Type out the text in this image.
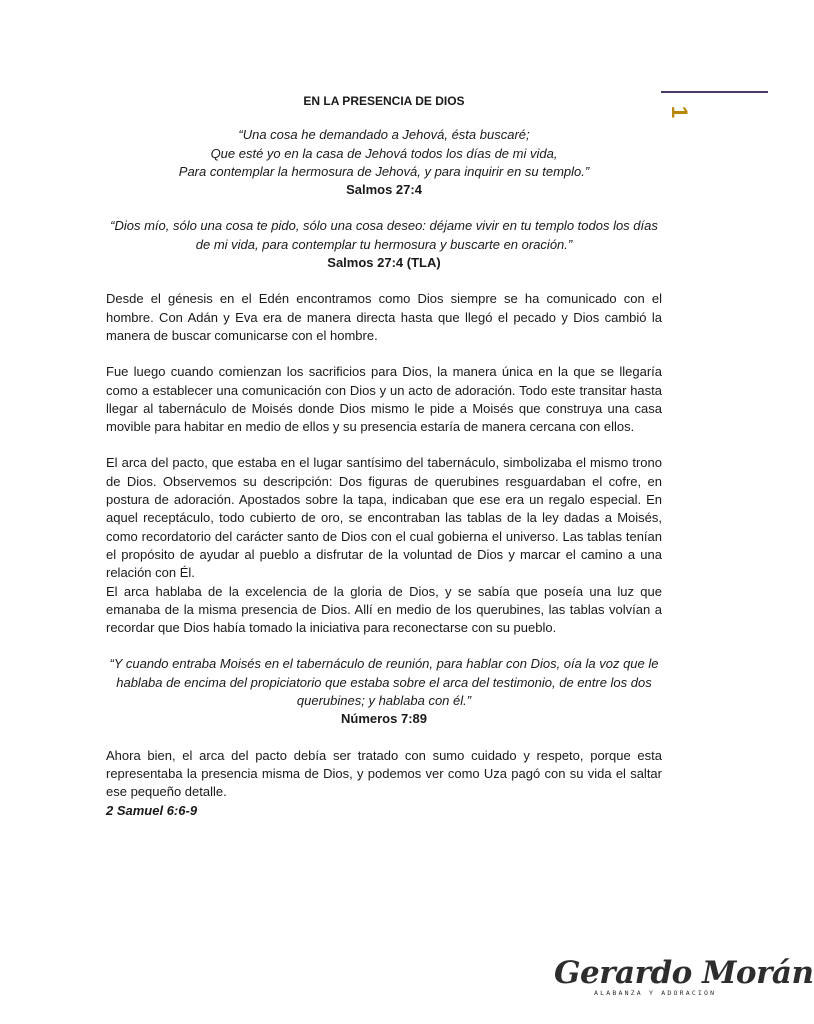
1

EN LA PRESENCIA DE DIOS

“Una cosa he demandado a Jehová, ésta buscaré;

Que esté yo en la casa de Jehová todos los días de mi vida,

Para contemplar la hermosura de Jehová, y para inquirir en su templo.”

Salmos 27:4

“Dios mío, sólo una cosa te pido, sólo una cosa deseo: déjame vivir en tu templo todos los días de mi vida, para contemplar tu hermosura y buscarte en oración.”

Salmos 27:4 (TLA)

Desde el génesis en el Edén encontramos como Dios siempre se ha comunicado con el hombre. Con Adán y Eva era de manera directa hasta que llegó el pecado y Dios cambió la manera de buscar comunicarse con el hombre.

Fue luego cuando comienzan los sacrificios para Dios, la manera única en la que se llegaría como a establecer una comunicación con Dios y un acto de adoración. Todo este transitar hasta llegar al tabernáculo de Moisés donde Dios mismo le pide a Moisés que construya una casa movible para habitar en medio de ellos y su presencia estaría de manera cercana con ellos.

El arca del pacto, que estaba en el lugar santísimo del tabernáculo, simbolizaba el mismo trono de Dios. Observemos su descripción: Dos figuras de querubines resguardaban el cofre, en postura de adoración. Apostados sobre la tapa, indicaban que ese era un regalo especial. En aquel receptáculo, todo cubierto de oro, se encontraban las tablas de la ley dadas a Moisés, como recordatorio del carácter santo de Dios con el cual gobierna el universo. Las tablas tenían el propósito de ayudar al pueblo a disfrutar de la voluntad de Dios y marcar el camino a una relación con Él.

El arca hablaba de la excelencia de la gloria de Dios, y se sabía que poseía una luz que emanaba de la misma presencia de Dios. Allí en medio de los querubines, las tablas volvían a recordar que Dios había tomado la iniciativa para reconectarse con su pueblo.

“Y cuando entraba Moisés en el tabernáculo de reunión, para hablar con Dios, oía la voz que le hablaba de encima del propiciatorio que estaba sobre el arca del testimonio, de entre los dos querubines; y hablaba con él.”

Números 7:89

Ahora bien, el arca del pacto debía ser tratado con sumo cuidado y respeto, porque esta representaba la presencia misma de Dios, y podemos ver como Uza pagó con su vida el saltar ese pequeño detalle.

2 Samuel 6:6-9

Gerardo Morán
ALABANZA Y ADORACION
